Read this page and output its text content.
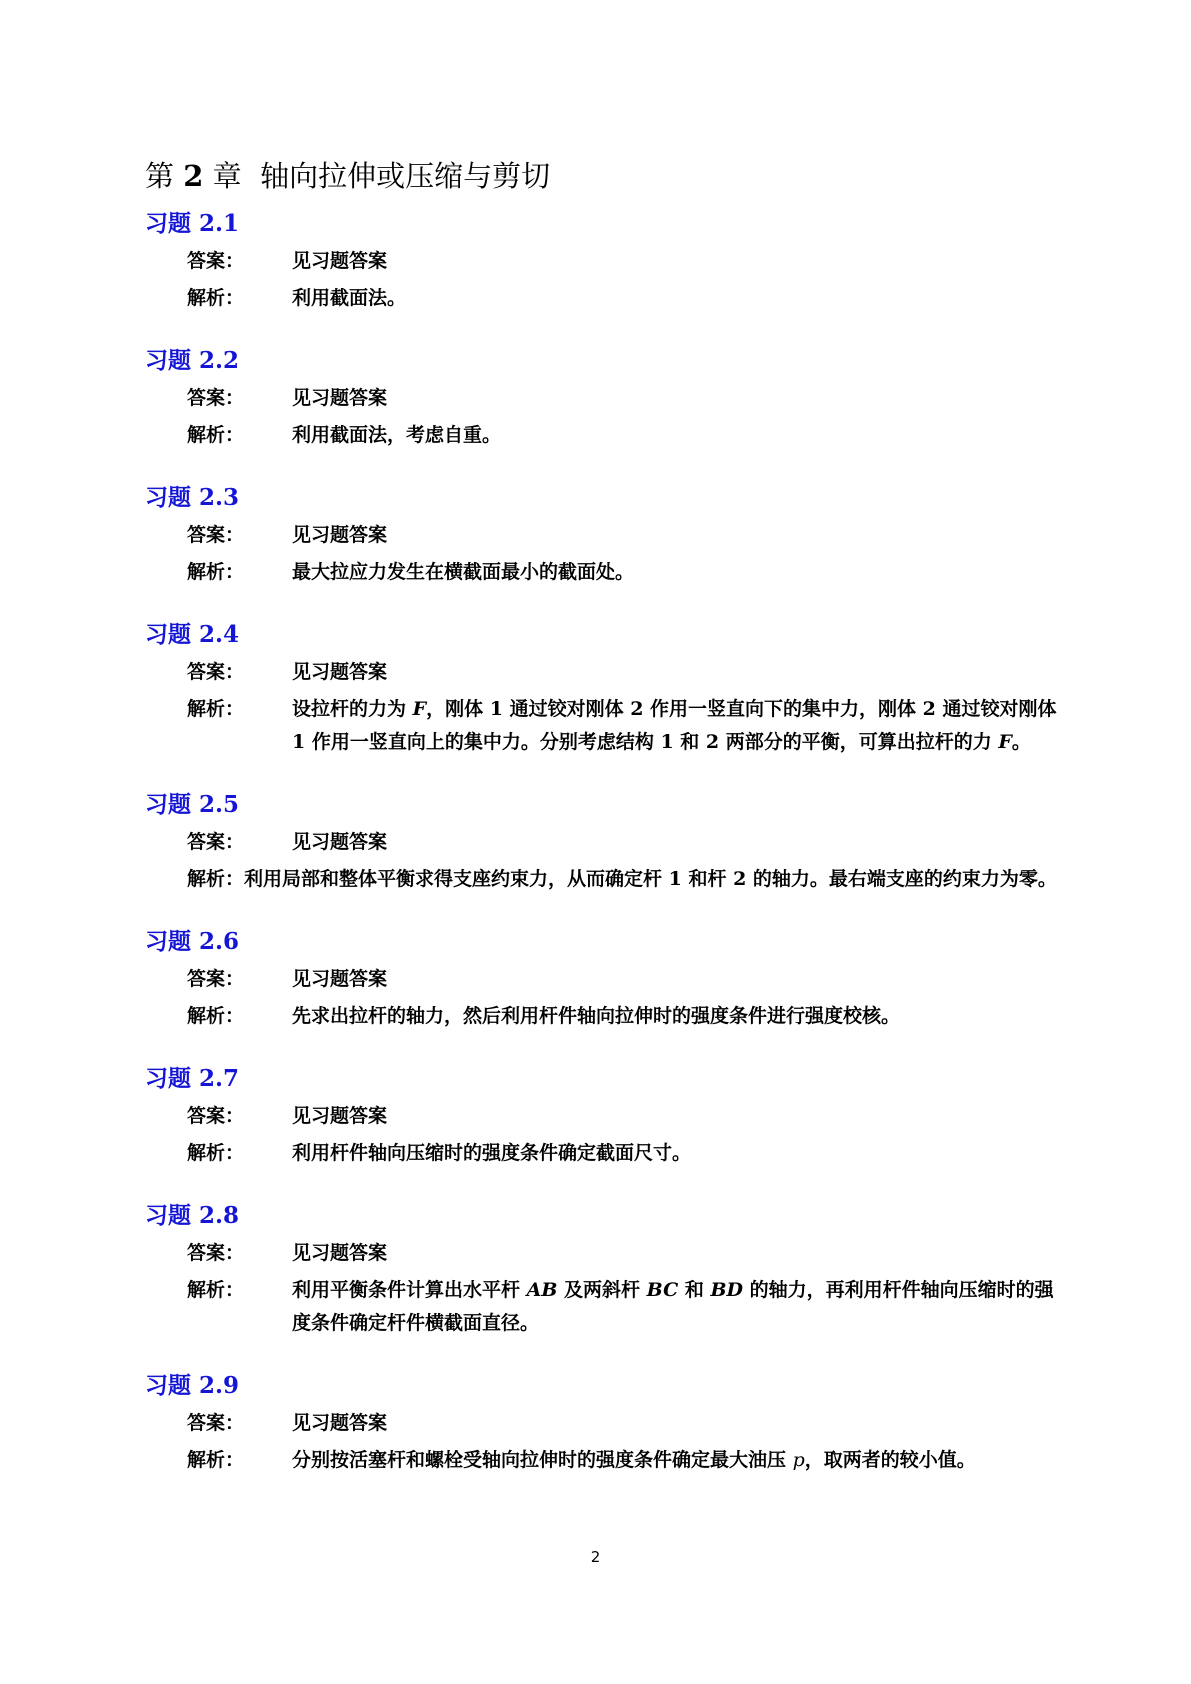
第 2 章 轴向拉伸或压缩与剪切
习题 2.1
答案：	见习题答案
解析：	利用截面法。
习题 2.2
答案：	见习题答案
解析：	利用截面法，考虑自重。
习题 2.3
答案：	见习题答案
解析：	最大拉应力发生在横截面最小的截面处。
习题 2.4
答案：	见习题答案
解析：	设拉杆的力为 F，刚体 1 通过铰对刚体 2 作用一竖直向下的集中力，刚体 2 通过铰对刚体 1 作用一竖直向上的集中力。分别考虑结构 1 和 2 两部分的平衡，可算出拉杆的力 F。
习题 2.5
答案：	见习题答案
解析：利用局部和整体平衡求得支座约束力，从而确定杆 1 和杆 2 的轴力。最右端支座的约束力为零。
习题 2.6
答案：	见习题答案
解析：	先求出拉杆的轴力，然后利用杆件轴向拉伸时的强度条件进行强度校核。
习题 2.7
答案：	见习题答案
解析：	利用杆件轴向压缩时的强度条件确定截面尺寸。
习题 2.8
答案：	见习题答案
解析：	利用平衡条件计算出水平杆 AB 及两斜杆 BC 和 BD 的轴力，再利用杆件轴向压缩时的强度条件确定杆件横截面直径。
习题 2.9
答案：	见习题答案
解析：	分别按活塞杆和螺栓受轴向拉伸时的强度条件确定最大油压 p，取两者的较小值。
2
